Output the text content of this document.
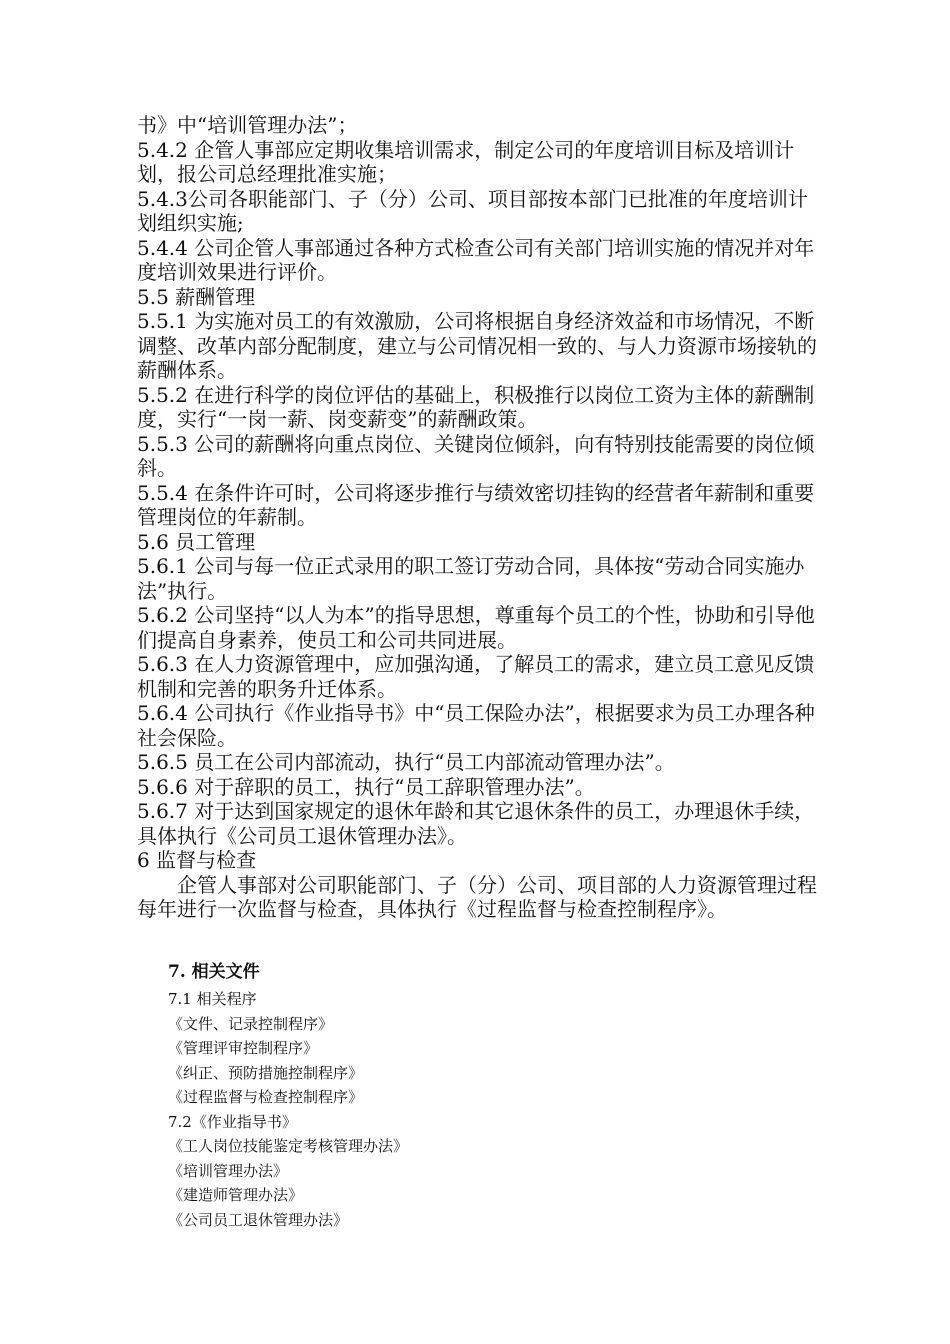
书》中“培训管理办法”；

5.4.2 企管人事部应定期收集培训需求，制定公司的年度培训目标及培训计划，报公司总经理批准实施；

5.4.3公司各职能部门、子（分）公司、项目部按本部门已批准的年度培训计划组织实施;

5.4.4 公司企管人事部通过各种方式检查公司有关部门培训实施的情况并对年度培训效果进行评价。

5.5 薪酬管理

5.5.1 为实施对员工的有效激励，公司将根据自身经济效益和市场情况，不断调整、改革内部分配制度，建立与公司情况相一致的、与人力资源市场接轨的薪酬体系。

5.5.2 在进行科学的岗位评估的基础上，积极推行以岗位工资为主体的薪酬制度，实行“一岗一薪、岗变薪变”的薪酬政策。

5.5.3 公司的薪酬将向重点岗位、关键岗位倾斜，向有特别技能需要的岗位倾斜。

5.5.4 在条件许可时，公司将逐步推行与绩效密切挂钩的经营者年薪制和重要管理岗位的年薪制。

5.6 员工管理

5.6.1 公司与每一位正式录用的职工签订劳动合同，具体按“劳动合同实施办法”执行。

5.6.2 公司坚持“以人为本”的指导思想，尊重每个员工的个性，协助和引导他们提高自身素养，使员工和公司共同进展。

5.6.3 在人力资源管理中，应加强沟通，了解员工的需求，建立员工意见反馈机制和完善的职务升迁体系。

5.6.4 公司执行《作业指导书》中“员工保险办法”，根据要求为员工办理各种社会保险。

5.6.5 员工在公司内部流动，执行“员工内部流动管理办法”。

5.6.6 对于辞职的员工，执行“员工辞职管理办法”。

5.6.7 对于达到国家规定的退休年龄和其它退休条件的员工，办理退休手续，具体执行《公司员工退休管理办法》。

6 监督与检查

企管人事部对公司职能部门、子（分）公司、项目部的人力资源管理过程每年进行一次监督与检查，具体执行《过程监督与检查控制程序》。

7. 相关文件

7.1 相关程序

《文件、记录控制程序》

《管理评审控制程序》

《纠正、预防措施控制程序》

《过程监督与检查控制程序》

7.2《作业指导书》

《工人岗位技能鉴定考核管理办法》

《培训管理办法》

《建造师管理办法》

《公司员工退休管理办法》
